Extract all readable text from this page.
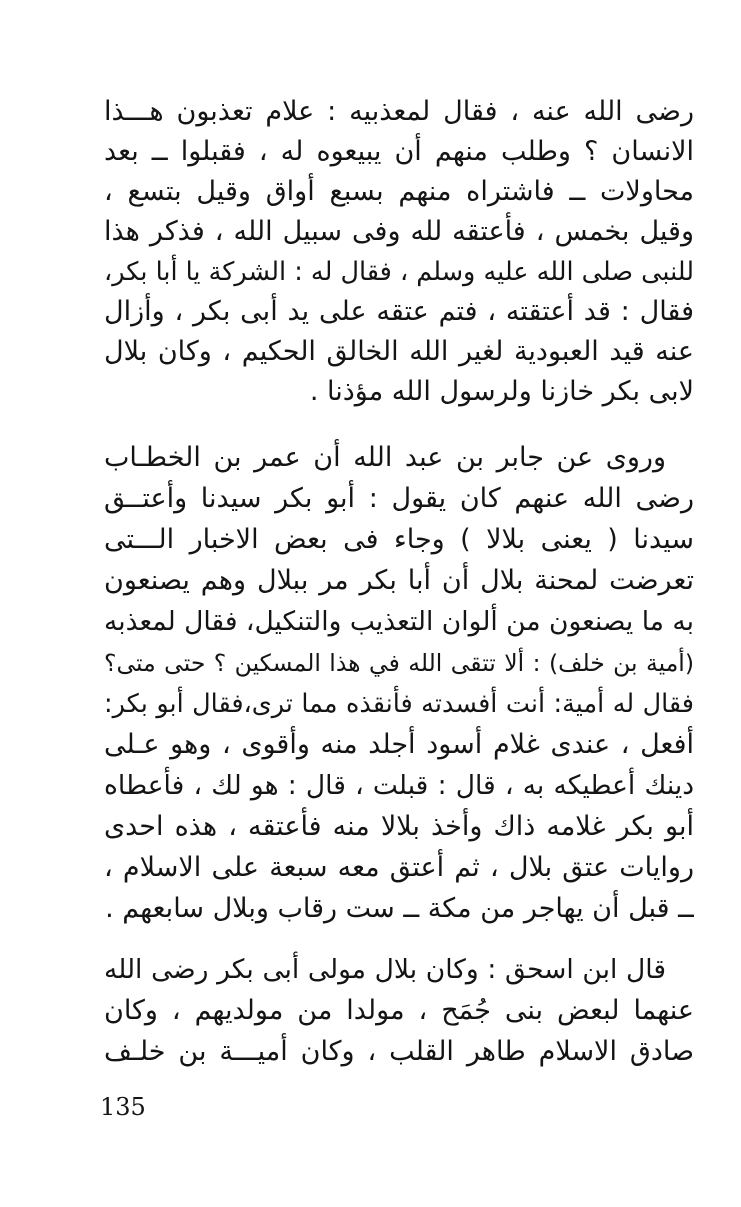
رضى الله عنه ، فقال لمعذبيه : علام تعذبون هـــذا
الانسان ؟ وطلب منهم أن يبيعوه له ، فقبلوا ــ بعد
محاولات ــ فاشتراه منهم بسبع أواق وقيل بتسع ،
وقيل بخمس ، فأعتقه لله وفى سبيل الله ، فذكر هذا
للنبى صلى الله عليه وسلم ، فقال له : الشركة يا أبا بكر،
فقال : قد أعتقته ، فتم عتقه على يد أبى بكر ، وأزال
عنه قيد العبودية لغير الله الخالق الحكيم ، وكان بلال
لابى بكر خازنا ولرسول الله مؤذنا .
وروى عن جابر بن عبد الله أن عمر بن الخطـاب
رضى الله عنهم كان يقول : أبو بكر سيدنا وأعتــق
سيدنا ( يعنى بلالا ) وجاء فى بعض الاخبار الـــتى
تعرضت لمحنة بلال أن أبا بكر مر ببلال وهم يصنعون
به ما يصنعون من ألوان التعذيب والتنكيل، فقال لمعذبه
(أمية بن خلف) : ألا تتقى الله في هذا المسكين ؟ حتى متى؟
فقال له أمية: أنت أفسدته فأنقذه مما ترى،فقال أبو بكر:
أفعل ، عندى غلام أسود أجلد منه وأقوى ، وهو عـلى
دينك أعطيكه به ، قال : قبلت ، قال : هو لك ، فأعطاه
أبو بكر غلامه ذاك وأخذ بلالا منه فأعتقه ، هذه احدى
روايات عتق بلال ، ثم أعتق معه سبعة على الاسلام ،
ــ قبل أن يهاجر من مكة ــ ست رقاب وبلال سابعهم .
قال ابن اسحق : وكان بلال مولى أبى بكر رضى الله
عنهما لبعض بنى جُمَح ، مولدا من مولديهم ، وكان
صادق الاسلام طاهر القلب ، وكان أميـــة بن خلـف
135
